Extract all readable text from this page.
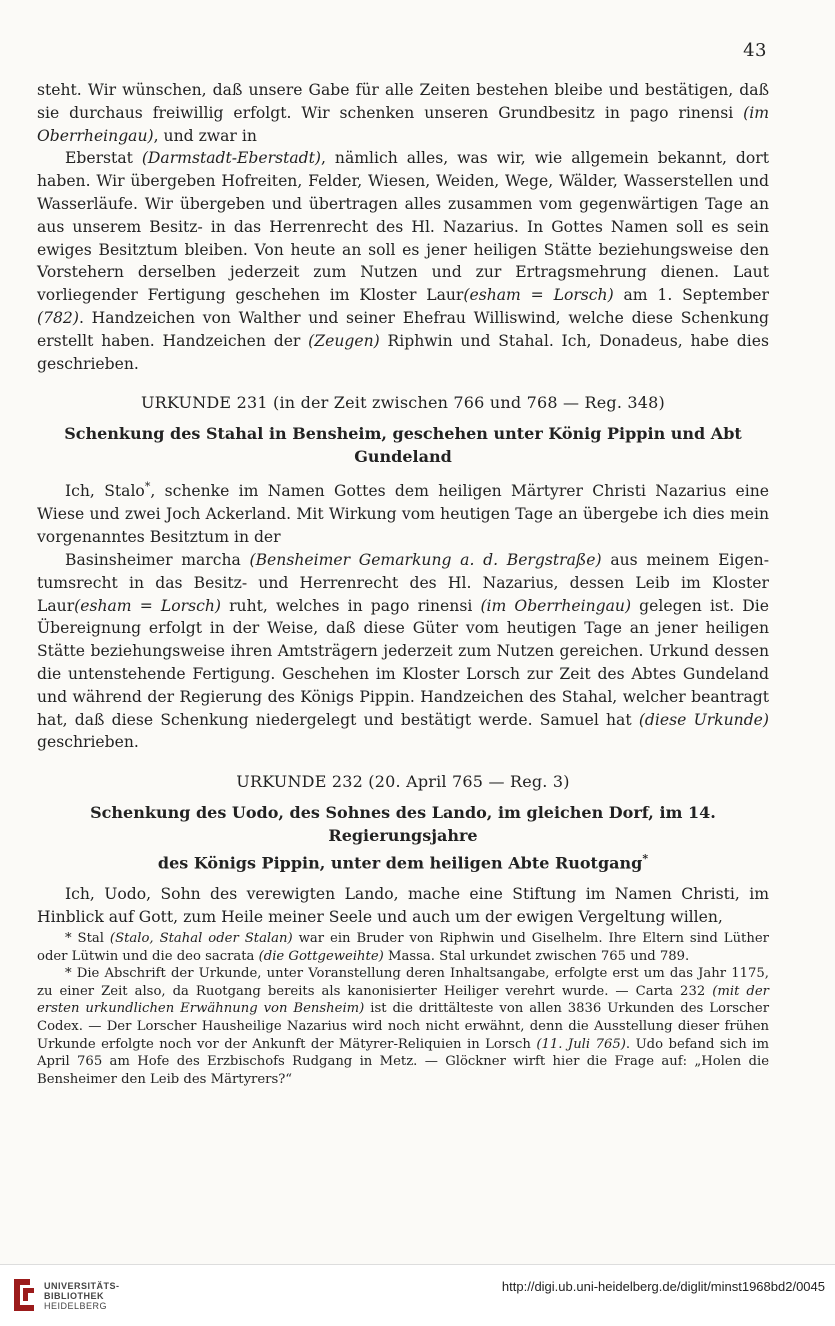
43

steht. Wir wünschen, daß unsere Gabe für alle Zeiten bestehen bleibe und bestätigen, daß sie durchaus freiwillig erfolgt. Wir schenken unseren Grundbesitz in pago rinensi (im Oberrheingau), und zwar in

Eberstat (Darmstadt-Eberstadt), nämlich alles, was wir, wie allgemein bekannt, dort haben. Wir übergeben Hofreiten, Felder, Wiesen, Weiden, Wege, Wälder, Wasserstellen und Wasserläufe. Wir übergeben und übertragen alles zusammen vom gegenwärtigen Tage an aus unserem Besitz- in das Herrenrecht des Hl. Nazarius. In Gottes Namen soll es sein ewiges Besitztum bleiben. Von heute an soll es jener heiligen Stätte beziehungsweise den Vorstehern derselben jederzeit zum Nutzen und zur Ertragsmehrung dienen. Laut vorliegender Fertigung geschehen im Kloster Laur(esham = Lorsch) am 1. September (782). Handzeichen von Walther und seiner Ehefrau Williswind, welche diese Schenkung erstellt haben. Handzeichen der (Zeugen) Riphwin und Stahal. Ich, Donadeus, habe dies geschrieben.

URKUNDE 231 (in der Zeit zwischen 766 und 768 — Reg. 348)

Schenkung des Stahal in Bensheim, geschehen unter König Pippin und Abt Gundeland

Ich, Stalo*, schenke im Namen Gottes dem heiligen Märtyrer Christi Nazarius eine Wiese und zwei Joch Ackerland. Mit Wirkung vom heutigen Tage an übergebe ich dies mein vorgenanntes Besitztum in der

Basinsheimer marcha (Bensheimer Gemarkung a. d. Bergstraße) aus meinem Eigentumsrecht in das Besitz- und Herrenrecht des Hl. Nazarius, dessen Leib im Kloster Laur(esham = Lorsch) ruht, welches in pago rinensi (im Oberrheingau) gelegen ist. Die Übereignung erfolgt in der Weise, daß diese Güter vom heutigen Tage an jener heiligen Stätte beziehungsweise ihren Amtsträgern jederzeit zum Nutzen gereichen. Urkund dessen die untenstehende Fertigung. Geschehen im Kloster Lorsch zur Zeit des Abtes Gundeland und während der Regierung des Königs Pippin. Handzeichen des Stahal, welcher beantragt hat, daß diese Schenkung niedergelegt und bestätigt werde. Samuel hat (diese Urkunde) geschrieben.

URKUNDE 232 (20. April 765 — Reg. 3)

Schenkung des Uodo, des Sohnes des Lando, im gleichen Dorf, im 14. Regierungsjahre
des Königs Pippin, unter dem heiligen Abte Ruotgang*

Ich, Uodo, Sohn des verewigten Lando, mache eine Stiftung im Namen Christi, im Hinblick auf Gott, zum Heile meiner Seele und auch um der ewigen Vergeltung willen,

* Stal (Stalo, Stahal oder Stalan) war ein Bruder von Riphwin und Giselhelm. Ihre Eltern sind Lüther oder Lütwin und die deo sacrata (die Gottgeweihte) Massa. Stal urkundet zwischen 765 und 789.

* Die Abschrift der Urkunde, unter Voranstellung deren Inhaltsangabe, erfolgte erst um das Jahr 1175, zu einer Zeit also, da Ruotgang bereits als kanonisierter Heiliger verehrt wurde. — Carta 232 (mit der ersten urkundlichen Erwähnung von Bensheim) ist die drittälteste von allen 3836 Urkunden des Lorscher Codex. — Der Lorscher Hausheilige Nazarius wird noch nicht erwähnt, denn die Ausstellung dieser frühen Urkunde erfolgte noch vor der Ankunft der Mätyrer-Reliquien in Lorsch (11. Juli 765). Udo befand sich im April 765 am Hofe des Erzbischofs Rudgang in Metz. — Glöckner wirft hier die Frage auf: „Holen die Bensheimer den Leib des Märtyrers?“

UNIVERSITÄTS-
BIBLIOTHEK
HEIDELBERG
http://digi.ub.uni-heidelberg.de/diglit/minst1968bd2/0045
